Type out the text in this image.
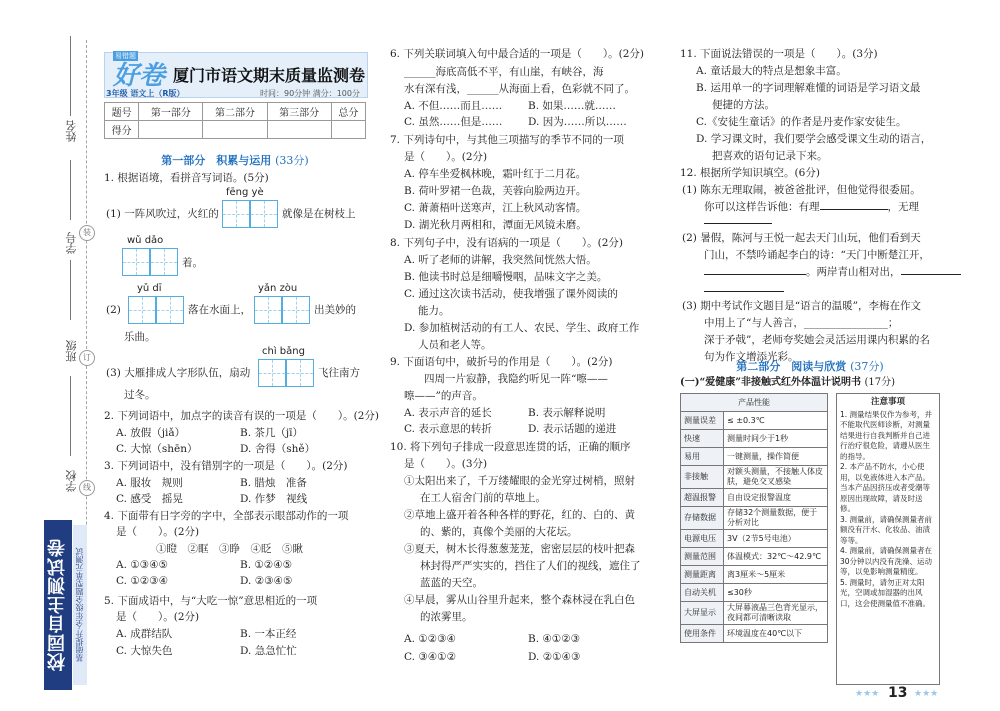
姓名
学号
班级
学校
装
订
线
校园自主测试卷 基础提升·全年级全题型单元测试
易错题
好卷 厦门市语文期末质量监测卷
3年级 语文上（R版）	时间：90分钟 满分：100分
题号	第一部分	第二部分	第三部分	总分
得分				
第一部分　积累与运用 (33分)
1. 根据语境，看拼音写词语。(5分)
fēng yè
(1) 一阵风吹过，火红的	就像是在树枝上
wǔ dǎo
着。
yǔ dī
(2)	落在水面上，
yǎn zòu
出美妙的
乐曲。
chì bǎng
(3) 大雁排成人字形队伍，扇动	飞往南方
过冬。
2. 下列词语中，加点字的读音有误的一项是（　　）。(2分)
A. 放假（jiǎ）	B. 茶几（jī）
C. 大惊（shēn）	D. 舍得（shě）
3. 下列词语中，没有错别字的一项是（　　）。(2分)
A. 服妆　规则	B. 腊烛　准备
C. 感受　摇晃	D. 作梦　视线
4. 下面带有日字旁的字中，全部表示眼部动作的一项
是（　　）。(2分)
①瞪　②眶　③睁　④眨　⑤瞅
A. ①③④⑤	B. ①②④⑤
C. ①②③④	D. ②③④⑤
5. 下面成语中，与“大吃一惊”意思相近的一项
是（　　）。(2分)
A. 成群结队	B. 一本正经
C. 大惊失色	D. 急急忙忙
6. 下列关联词填入句中最合适的一项是（　　）。(2分)
______海底高低不平，有山崖，有峡谷，海
水有深有浅，______从海面上看，色彩就不同了。
A. 不但……而且…… B. 如果……就……
C. 虽然……但是…… D. 因为……所以……
7. 下列诗句中，与其他三项描写的季节不同的一项
是（　　）。(2分)
A. 停车坐爱枫林晚，霜叶红于二月花。
B. 荷叶罗裙一色裁，芙蓉向脸两边开。
C. 萧萧梧叶送寒声，江上秋风动客情。
D. 湖光秋月两相和，潭面无风镜未磨。
8. 下列句子中，没有语病的一项是（　　）。(2分)
A. 听了老师的讲解，我突然间恍然大悟。
B. 他读书时总是细嚼慢咽，品味文字之美。
C. 通过这次读书活动，使我增强了课外阅读的
能力。
D. 参加植树活动的有工人、农民、学生、政府工作
人员和老人等。
9. 下面语句中，破折号的作用是（　　）。(2分)
四周一片寂静，我隐约听见一阵“嚓——
嚓——”的声音。
A. 表示声音的延长	B. 表示解释说明
C. 表示意思的转折	D. 表示话题的递进
10. 将下列句子排成一段意思连贯的话，正确的顺序
是（　　）。(3分)
①太阳出来了，千万缕耀眼的金光穿过树梢，照射
在工人宿舍门前的草地上。
②草地上盛开着各种各样的野花，红的、白的、黄
的、紫的，真像个美丽的大花坛。
③夏天，树木长得葱葱茏茏，密密层层的枝叶把森
林封得严严实实的，挡住了人们的视线，遮住了
蓝蓝的天空。
④早晨，雾从山谷里升起来，整个森林浸在乳白色
的浓雾里。
A. ①②③④	B. ④①②③
C. ③④①②	D. ②①④③
11. 下面说法错误的一项是（　　）。(3分)
A. 童话最大的特点是想象丰富。
B. 运用单一的字词理解难懂的词语是学习语文最
便捷的方法。
C.《安徒生童话》的作者是丹麦作家安徒生。
D. 学习课文时，我们要学会感受课文生动的语言，
把喜欢的语句记录下来。
12. 根据所学知识填空。(6分)
(1) 陈东无理取闹，被爸爸批评，但他觉得很委屈。
你可以这样告诉他：有理	，无理
(2) 暑假，陈河与王悦一起去天门山玩，他们看到天
门山，不禁吟诵起李白的诗：“天门中断楚江开，
。两岸青山相对出，
(3) 期中考试作文题目是“语言的温暖”，李梅在作文
中用上了“与人善言，________________；
深于矛戟”，老师夸奖她会灵活运用课内积累的名
句为作文增添光彩。
第二部分　阅读与欣赏 (37分)
(一)“爱健康”非接触式红外体温计说明书 (17分)
产品性能	
测量误差	≤ ±0.3℃
快速	测量时间少于1秒
易用	一键测量，操作简便
非接触	对额头测量，不接触人体皮肤，避免交叉感染
超温报警	自由设定报警温度
存储数据	存储32个测量数据，便于分析对比
电源电压	3V（2节5号电池）
测量范围	体温模式：32℃～42.9℃
测量距离	离3厘米～5厘米
自动关机	≤30秒
大屏显示	大屏幕液晶三色背光显示，夜间都可清晰读取
使用条件	环境温度在40℃以下
注意事项
1. 测量结果仅作为参考，并不能取代医师诊断，对测量结果进行自我判断并自己进行治疗很危险，请遵从医生的指导。
2. 本产品不防水，小心使用，以免液体进入本产品。当本产品因挤压或者受潮等原因出现故障，请及时送修。
3. 测量前，请确保测量者前额没有汗水、化妆品、油渍等等。
4. 测量前，请确保测量者在30分钟以内没有洗澡、运动等，以免影响测量精度。
5. 测量时，请勿正对太阳光，空调或加湿器的出风口，这会使测量值不准确。
★★★ 13 ★★★
